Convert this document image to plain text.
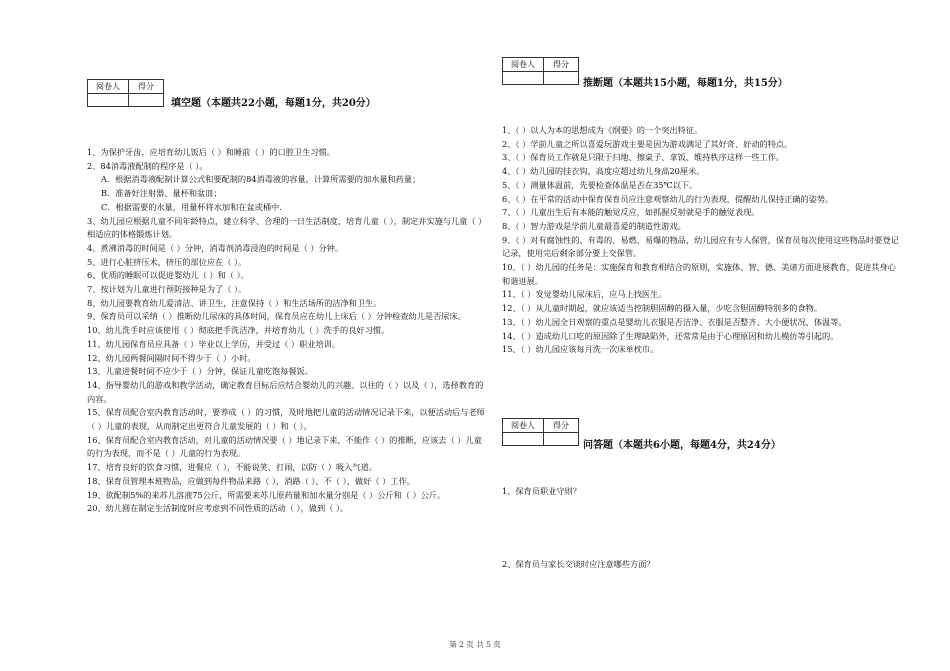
阅卷人	得分

填空题（本题共22小题，每题1分，共20分）

1、为保护牙齿，应培育幼儿饭后（ ）和睡前（ ）的口腔卫生习惯。

2、84消毒液配制的程序是（ ）。

A．根据消毒液配制计算公式和要配制的84消毒液的容量，计算所需要的加水量和药量；

B．准备好注射器、量杯和盆皿；

C．根据需要的水量，用量杯将水加和在盆或桶中.

3、幼儿园应根据儿童不同年龄特点，建立科学、合理的一日生活制度，培育儿童（ ），制定并实施与儿童（ ）相适应的体格锻炼计划。

4、煮沸消毒的时间是（ ）分钟，消毒剂消毒浸泡的时间是（ ）分钟。

5、进行心脏挤压术，挤压的部位应在（ ）。

6、优质的睡眠可以促进婴幼儿（ ）和（ ）。

7、按计划为儿童进行预防接种是为了（ ）。

8、幼儿园要教育幼儿爱清洁、讲卫生，注意保持（ ）和生活场所的洁净和卫生。

9、保育员可以采纳（ ）推断幼儿尿床的具体时间，保育员应在幼儿上床后（ ）分钟检查幼儿是否尿床。

10、幼儿洗手时应该使用（ ）彻底把手洗洁净，并培育幼儿（ ）洗手的良好习惯。

11、幼儿园保育员应具备（ ）毕业以上学历，并受过（ ）职业培训。

12、幼儿园两餐间隔时间不得少于（ ）小时。

13、儿童进餐时间不应少于（ ）分钟，保证儿童吃饱每餐饭。

14、指导婴幼儿的游戏和教学活动，确定教育目标后应结合婴幼儿的兴趣、以往的（ ）以及（ ），选择教育的内容。

15、保育员配合室内教育活动时，要养成（ ）的习惯，及时地把儿童的活动情况记录下来，以便活动后与老师（ ）儿童的表现，从而制定出更符合儿童发展的（ ）和（ ）。

16、保育员配合室内教育活动，对儿童的活动情况要（ ）地记录下来，不能作（ ）的推断，应该去（ ）儿童的行为表现，而不是（ ）儿童的行为表现。

17、培育良好的饮食习惯，进餐应（ ），不能说笑、打闹，以防（ ）吸入气道。

18、保育员管理本班物品，应做到每件物品来路（ ），消路（ ），不（ ），做好（ ）工作。

19、欲配制5%的来苏儿溶液75公斤，所需要来苏儿原药量和加水量分别是（ ）公斤和（ ）公斤。

20、幼儿圆在制定生活制度时应考虑到不同性质的活动（ ），做到（ ）。

阅卷人	得分

推断题（本题共15小题，每题1分，共15分）

1、（ ）以人为本的思想成为《纲要》的一个突出特征。

2、（ ）学前儿童之所以喜爱玩游戏主要是因为游戏满足了其好奇、好动的特点。

3、（ ）保育员工作就是只限于扫地、擦桌子、拿饭、维持秩序这样一些工作。

4、（ ）幼儿园的挂衣钩，高度应超过幼儿身高20厘米。

5、（ ）测量体温前，先要检查体温是否在35℃以下。

6、（ ）在平常的活动中保育保育员应注意观察幼儿的行为表现，提醒幼儿保持正确的姿势。

7、（ ）儿童出生后有本能的触觉反应，如抓握反射就是手的触觉表现。

8、（ ）智力游戏是学前儿童最喜爱的制造性游戏。

9、（ ）对有腐蚀性的、有毒的、易燃、易爆的物品，幼儿园应有专人保管，保育员每次使用这些物品时要登记记录，使用完后剩余部分要上交保管。

10、（ ）幼儿园的任务是：实施保育和教育相结合的原则，实施体、智、德、美诸方面进展教育，促进其身心和谐进展。

11、（ ）发觉婴幼儿尿床后，应马上找医生。

12、（ ）从儿童时期起，就应该适当控制胆固醇的摄入量，少吃含胆固醇特别多的食物。

13、（ ）幼儿园全日观察的重点是婴幼儿衣服是否洁净、衣服是否整齐、大小便状况、体温等。

14、（ ）造成幼儿口吃的原因除了生理缺陷外，还常常是由于心理原因和幼儿模仿等引起的。

15、（ ）幼儿园应该每月洗一次床单枕巾。

阅卷人	得分

问答题（本题共6小题，每题4分，共24分）

1、保育员职业守则？

2、保育员与家长交谈时应注意哪些方面？

第 2 页 共 5 页
